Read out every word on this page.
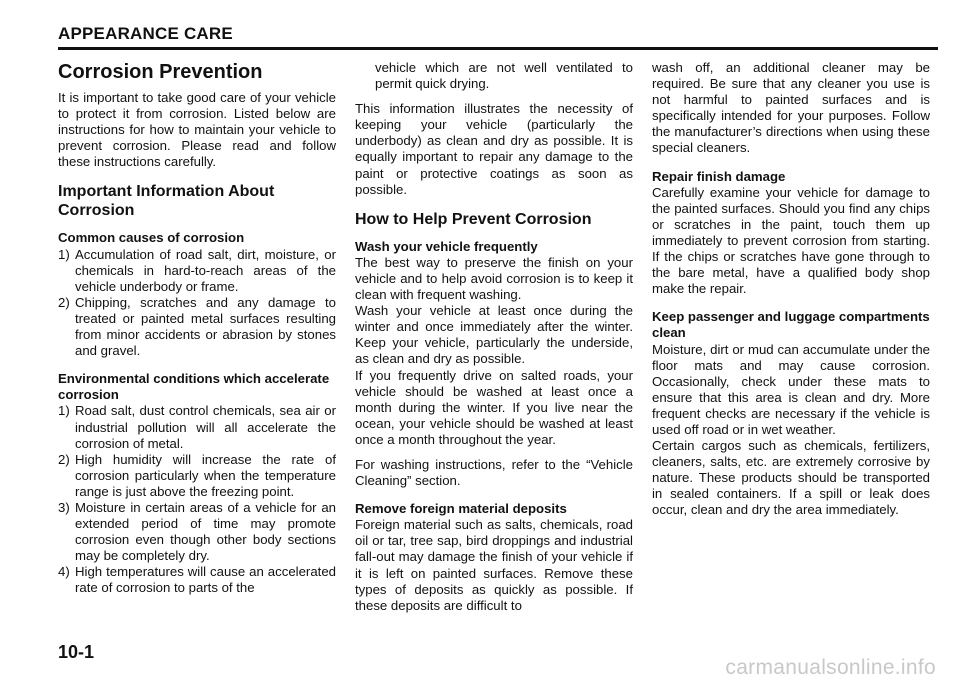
APPEARANCE CARE
Corrosion Prevention

It is important to take good care of your vehicle to protect it from corrosion. Listed below are instructions for how to maintain your vehicle to prevent corrosion. Please read and follow these instructions carefully.

Important Information About Corrosion
Common causes of corrosion
1) Accumulation of road salt, dirt, moisture, or chemicals in hard-to-reach areas of the vehicle underbody or frame.
2) Chipping, scratches and any damage to treated or painted metal surfaces resulting from minor accidents or abrasion by stones and gravel.
Environmental conditions which accelerate corrosion
1) Road salt, dust control chemicals, sea air or industrial pollution will all accelerate the corrosion of metal.
2) High humidity will increase the rate of corrosion particularly when the temperature range is just above the freezing point.
3) Moisture in certain areas of a vehicle for an extended period of time may promote corrosion even though other body sections may be completely dry.
4) High temperatures will cause an accelerated rate of corrosion to parts of the

vehicle which are not well ventilated to permit quick drying.

This information illustrates the necessity of keeping your vehicle (particularly the underbody) as clean and dry as possible. It is equally important to repair any damage to the paint or protective coatings as soon as possible.

How to Help Prevent Corrosion
Wash your vehicle frequently

The best way to preserve the finish on your vehicle and to help avoid corrosion is to keep it clean with frequent washing.

Wash your vehicle at least once during the winter and once immediately after the winter. Keep your vehicle, particularly the underside, as clean and dry as possible.

If you frequently drive on salted roads, your vehicle should be washed at least once a month during the winter. If you live near the ocean, your vehicle should be washed at least once a month throughout the year.

For washing instructions, refer to the “Vehicle Cleaning” section.

Remove foreign material deposits

Foreign material such as salts, chemicals, road oil or tar, tree sap, bird droppings and industrial fall-out may damage the finish of your vehicle if it is left on painted surfaces. Remove these types of deposits as quickly as possible. If these deposits are difficult to

wash off, an additional cleaner may be required. Be sure that any cleaner you use is not harmful to painted surfaces and is specifically intended for your purposes. Follow the manufacturer’s directions when using these special cleaners.

Repair finish damage

Carefully examine your vehicle for damage to the painted surfaces. Should you find any chips or scratches in the paint, touch them up immediately to prevent corrosion from starting. If the chips or scratches have gone through to the bare metal, have a qualified body shop make the repair.

Keep passenger and luggage compartments clean

Moisture, dirt or mud can accumulate under the floor mats and may cause corrosion. Occasionally, check under these mats to ensure that this area is clean and dry. More frequent checks are necessary if the vehicle is used off road or in wet weather.

Certain cargos such as chemicals, fertilizers, cleaners, salts, etc. are extremely corrosive by nature. These products should be transported in sealed containers. If a spill or leak does occur, clean and dry the area immediately.

10-1
carmanualsonline.info
